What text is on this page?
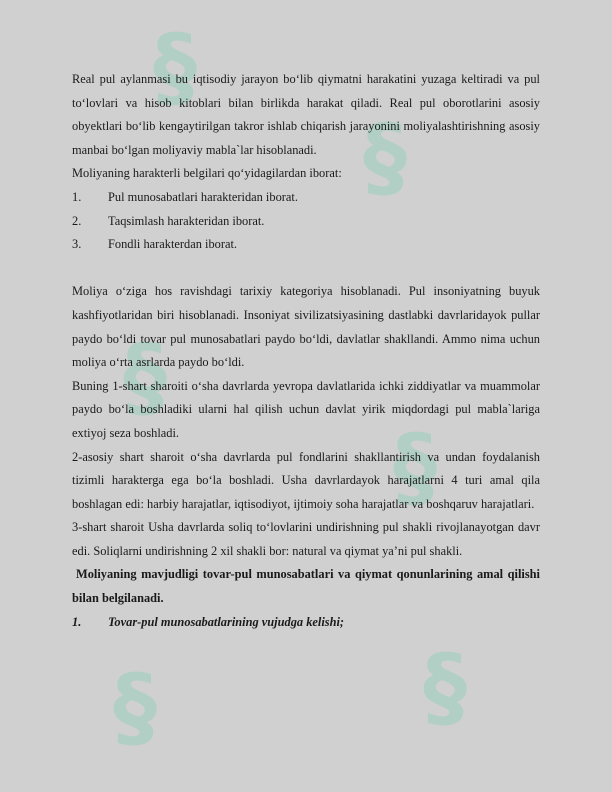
§
§
§
§
§	§

Real pul aylanmasi bu iqtisodiy jarayon bo‘lib qiymatni harakatini yuzaga keltiradi va pul to‘lovlari va hisob kitoblari bilan birlikda harakat qiladi. Real pul oborotlarini asosiy obyektlari bo‘lib kengaytirilgan takror ishlab chiqarish jarayonini moliyalashtirishning asosiy manbai bo‘lgan moliyaviy mabla`lar hisoblanadi.

Moliyaning harakterli belgilari qo‘yidagilardan iborat:

1.	Pul munosabatlari harakteridan iborat.
2.	Taqsimlash harakteridan iborat.
3.	Fondli harakterdan iborat.

Moliya o‘ziga hos ravishdagi tarixiy kategoriya hisoblanadi. Pul insoniyatning buyuk kashfiyotlaridan biri hisoblanadi. Insoniyat sivilizatsiyasining dastlabki davrlaridayok pullar paydo bo‘ldi tovar pul munosabatlari paydo bo‘ldi, davlatlar shakllandi. Ammo nima uchun moliya o‘rta asrlarda paydo bo‘ldi.

Buning 1-shart sharoiti o‘sha davrlarda yevropa davlatlarida ichki ziddiyatlar va muammolar paydo bo‘la boshladiki ularni hal qilish uchun davlat yirik miqdordagi pul mabla`lariga extiyoj seza boshladi.

2-asosiy shart sharoit o‘sha davrlarda pul fondlarini shakllantirish va undan foydalanish tizimli harakterga ega bo‘la boshladi. Usha davrlardayok harajatlarni 4 turi amal qila boshlagan edi: harbiy harajatlar, iqtisodiyot, ijtimoiy soha harajatlar va boshqaruv harajatlari.

3-shart sharoit Usha davrlarda soliq to‘lovlarini undirishning pul shakli rivojlanayotgan davr edi. Soliqlarni undirishning 2 xil shakli bor: natural va qiymat ya’ni pul shakli.

Moliyaning mavjudligi tovar-pul munosabatlari va qiymat qonunlarining amal qilishi bilan belgilanadi.

1.	Tovar-pul munosabatlarining vujudga kelishi;
